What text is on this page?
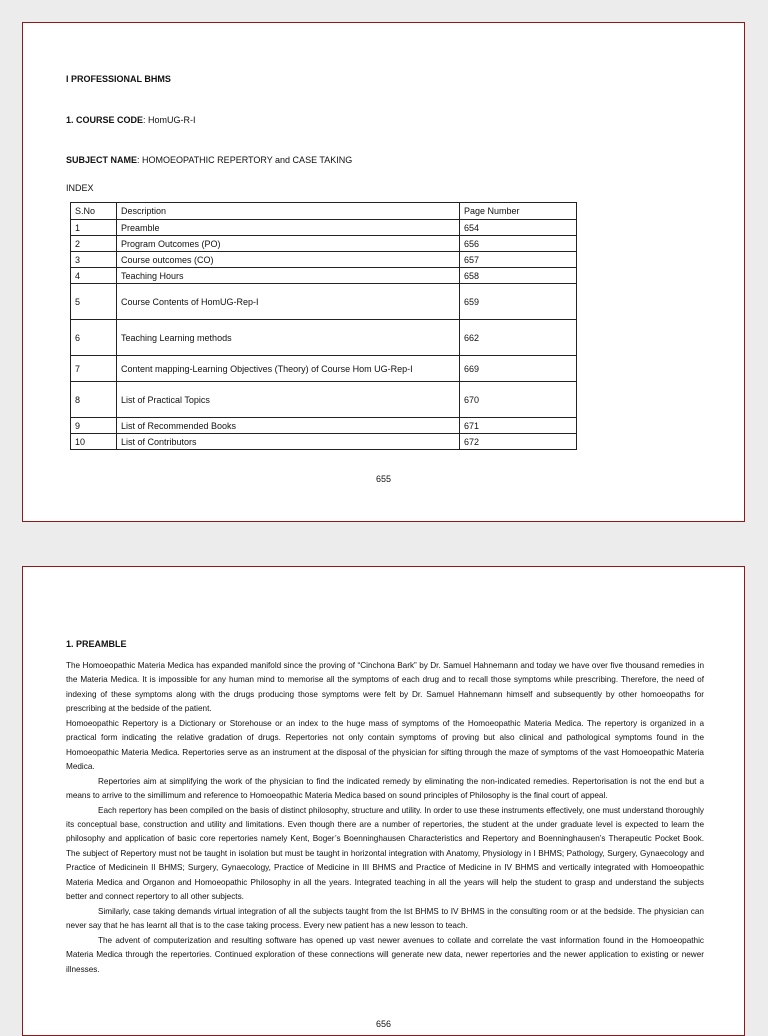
I PROFESSIONAL BHMS
1. COURSE CODE: HomUG-R-I
SUBJECT NAME: HOMOEOPATHIC REPERTORY and CASE TAKING
INDEX
S.No	Description	Page Number
1	Preamble	654
2	Program Outcomes (PO)	656
3	Course outcomes (CO)	657
4	Teaching Hours	658
5	Course Contents of HomUG-Rep-I	659
6	Teaching Learning methods	662
7	Content mapping-Learning Objectives (Theory) of Course Hom UG-Rep-I	669
8	List of Practical Topics	670
9	List of Recommended Books	671
10	List of Contributors	672
655
1. PREAMBLE

The Homoeopathic Materia Medica has expanded manifold since the proving of “Cinchona Bark” by Dr. Samuel Hahnemann and today we have over five thousand remedies in the Materia Medica. It is impossible for any human mind to memorise all the symptoms of each drug and to recall those symptoms while prescribing. Therefore, the need of indexing of these symptoms along with the drugs producing those symptoms were felt by Dr. Samuel Hahnemann himself and subsequently by other homoeopaths for prescribing at the bedside of the patient.

Homoeopathic Repertory is a Dictionary or Storehouse or an index to the huge mass of symptoms of the Homoeopathic Materia Medica. The repertory is organized in a practical form indicating the relative gradation of drugs. Repertories not only contain symptoms of proving but also clinical and pathological symptoms found in the Homoeopathic Materia Medica. Repertories serve as an instrument at the disposal of the physician for sifting through the maze of symptoms of the vast Homoeopathic Materia Medica.

Repertories aim at simplifying the work of the physician to find the indicated remedy by eliminating the non-indicated remedies. Repertorisation is not the end but a means to arrive to the simillimum and reference to Homoeopathic Materia Medica based on sound principles of Philosophy is the final court of appeal.

Each repertory has been compiled on the basis of distinct philosophy, structure and utility. In order to use these instruments effectively, one must understand thoroughly its conceptual base, construction and utility and limitations. Even though there are a number of repertories, the student at the under graduate level is expected to learn the philosophy and application of basic core repertories namely Kent, Boger’s Boenninghausen Characteristics and Repertory and Boenninghausen’s Therapeutic Pocket Book. The subject of Repertory must not be taught in isolation but must be taught in horizontal integration with Anatomy, Physiology in I BHMS; Pathology, Surgery, Gynaecology and Practice of Medicinein II BHMS; Surgery, Gynaecology, Practice of Medicine in III BHMS and Practice of Medicine in IV BHMS and vertically integrated with Homoeopathic Materia Medica and Organon and Homoeopathic Philosophy in all the years. Integrated teaching in all the years will help the student to grasp and understand the subjects better and connect repertory to all other subjects.

Similarly, case taking demands virtual integration of all the subjects taught from the Ist BHMS to IV BHMS in the consulting room or at the bedside. The physician can never say that he has learnt all that is to the case taking process. Every new patient has a new lesson to teach.

The advent of computerization and resulting software has opened up vast newer avenues to collate and correlate the vast information found in the Homoeopathic Materia Medica through the repertories. Continued exploration of these connections will generate new data, newer repertories and the newer application to existing or newer illnesses.

656
